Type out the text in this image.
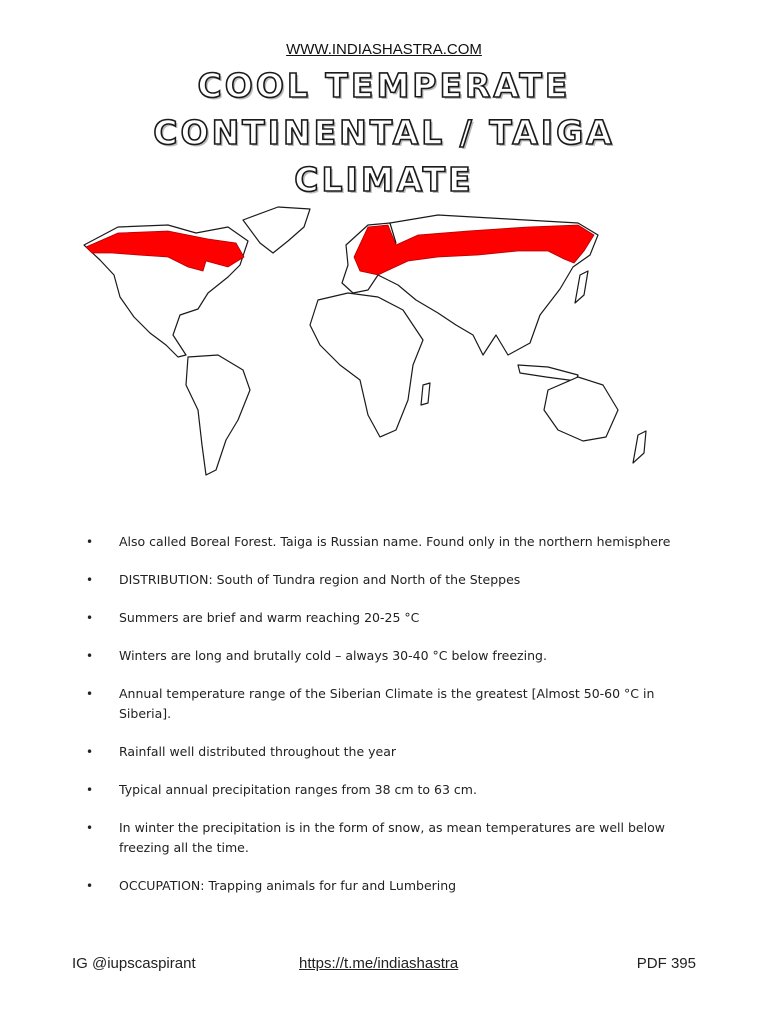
WWW.INDIASHASTRA.COM
COOL TEMPERATE
CONTINENTAL / TAIGA
CLIMATE
• Also called Boreal Forest. Taiga is Russian name. Found only in the northern hemisphere
• DISTRIBUTION: South of Tundra region and North of the Steppes
• Summers are brief and warm reaching 20-25 °C
• Winters are long and brutally cold – always 30-40 °C below freezing.
• Annual temperature range of the Siberian Climate is the greatest [Almost 50-60 °C in Siberia].
• Rainfall well distributed throughout the year
• Typical annual precipitation ranges from 38 cm to 63 cm.
• In winter the precipitation is in the form of snow, as mean temperatures are well below freezing all the time.
• OCCUPATION: Trapping animals for fur and Lumbering
IG @iupscaspirant	https://t.me/indiashastra	PDF 395
